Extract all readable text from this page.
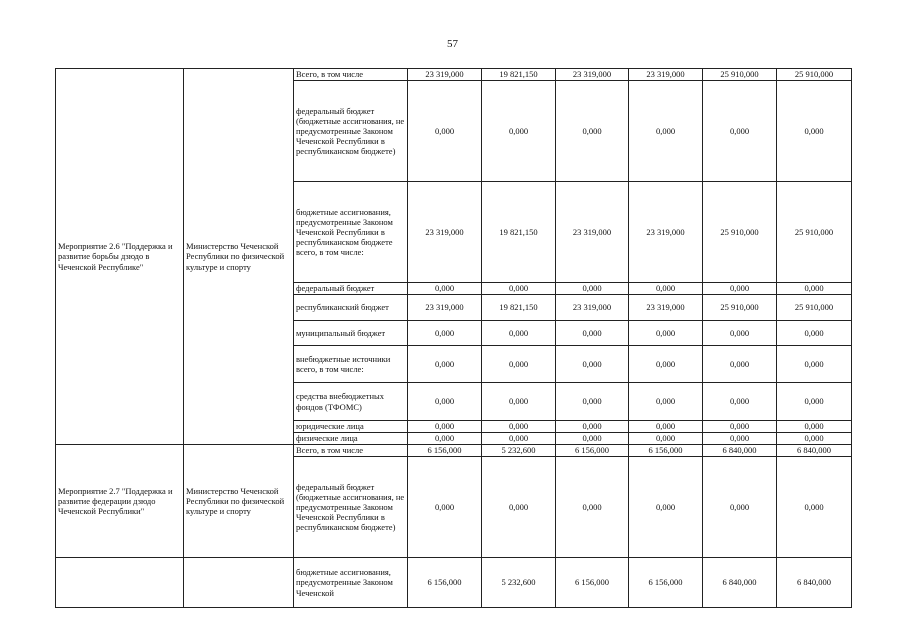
57
Мероприятие 2.6 "Поддержка и развитие борьбы дзюдо в Чеченской Республике"	Министерство Чеченской Республики по физической культуре и спорту	Всего, в том числе	23 319,000	19 821,150	23 319,000	23 319,000	25 910,000	25 910,000
		федеральный бюджет (бюджетные ассигнования, не предусмотренные Законом Чеченской Республики в республиканском бюджете)	0,000	0,000	0,000	0,000	0,000	0,000
		бюджетные ассигнования, предусмотренные Законом Чеченской Республики в республиканском бюджете всего, в том числе:	23 319,000	19 821,150	23 319,000	23 319,000	25 910,000	25 910,000
		федеральный бюджет	0,000	0,000	0,000	0,000	0,000	0,000
		республиканский бюджет	23 319,000	19 821,150	23 319,000	23 319,000	25 910,000	25 910,000
		муниципальный бюджет	0,000	0,000	0,000	0,000	0,000	0,000
		внебюджетные источники всего, в том числе:	0,000	0,000	0,000	0,000	0,000	0,000
		средства внебюджетных фондов (ТФОМС)	0,000	0,000	0,000	0,000	0,000	0,000
		юридические лица	0,000	0,000	0,000	0,000	0,000	0,000
		физические лица	0,000	0,000	0,000	0,000	0,000	0,000
Мероприятие 2.7 "Поддержка и развитие федерации дзюдо Чеченской Республики"	Министерство Чеченской Республики по физической культуре и спорту	Всего, в том числе	6 156,000	5 232,600	6 156,000	6 156,000	6 840,000	6 840,000
		федеральный бюджет (бюджетные ассигнования, не предусмотренные Законом Чеченской Республики в республиканском бюджете)	0,000	0,000	0,000	0,000	0,000	0,000
		бюджетные ассигнования, предусмотренные Законом Чеченской	6 156,000	5 232,600	6 156,000	6 156,000	6 840,000	6 840,000
